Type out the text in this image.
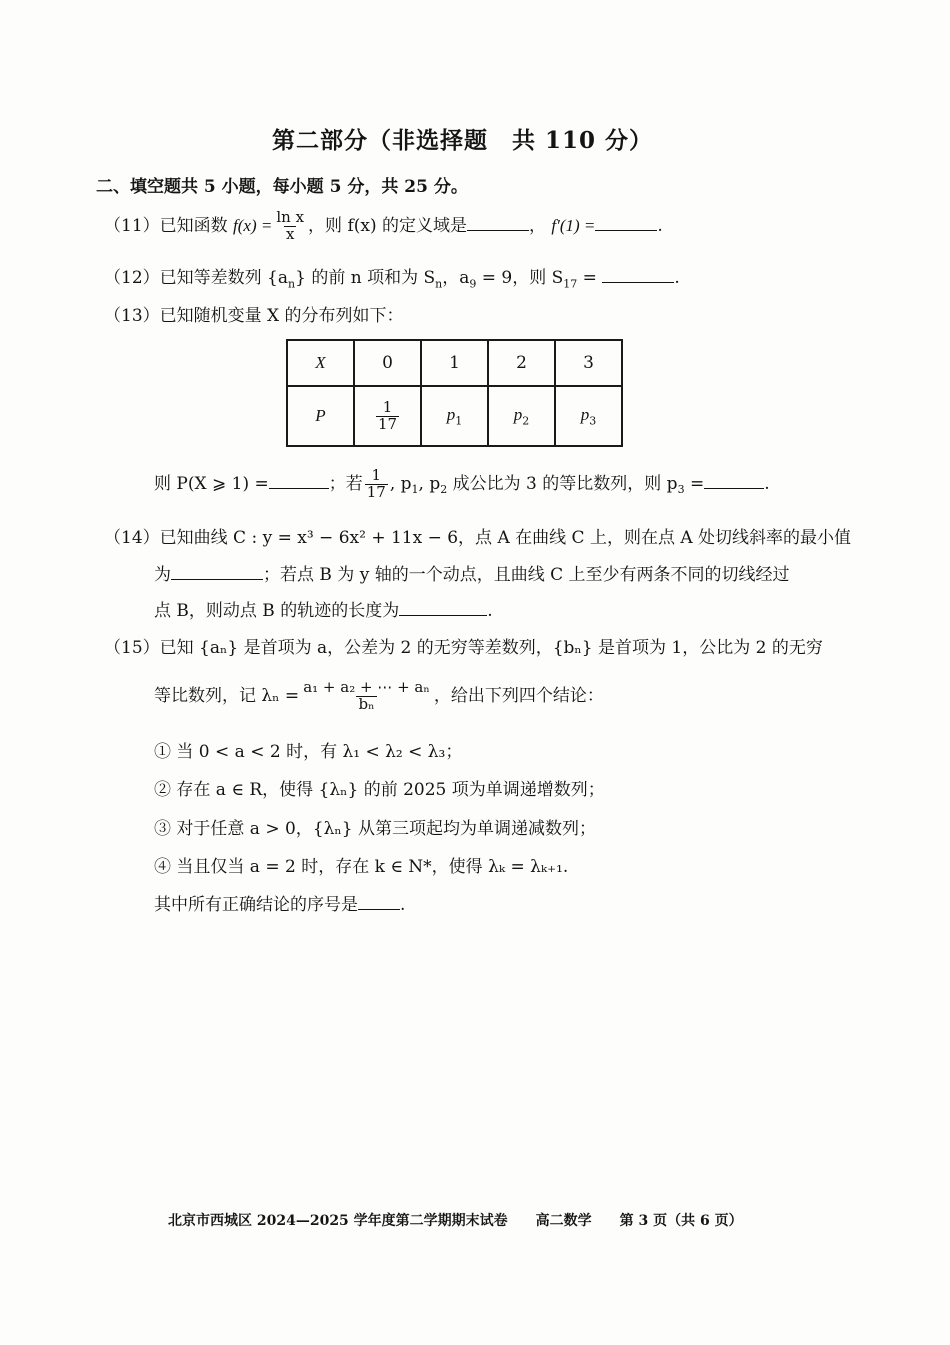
第二部分（非选择题　共 110 分）
二、填空题共 5 小题，每小题 5 分，共 25 分。
（11）已知函数 $f(x) = \frac{\text{ln x}}{x}$ ，则 f(x) 的定义域是	， f′(1) =	.
（12）已知等差数列 $\{a_n\}$ 的前 n 项和为 $S_n$，$a_9 = 9$，则 $S_{17}$ =	.
（13）已知随机变量 X 的分布列如下：
X	0	1	2	3
P	$\frac{1}{17}$	$p_1$	$p_2$	$p_3$
则 P(X ⩾ 1) =	；若 $\frac{1}{17}$ , $p_1$, $p_2$ 成公比为 3 的等比数列，则 $p_3$ =	.
（14）已知曲线 C : y = x³ − 6x² + 11x − 6，点 A 在曲线 C 上，则在点 A 处切线斜率的最小值
为	；若点 B 为 y 轴的一个动点，且曲线 C 上至少有两条不同的切线经过
点 B，则动点 B 的轨迹的长度为	.
（15）已知 {aₙ} 是首项为 a，公差为 2 的无穷等差数列，{bₙ} 是首项为 1，公比为 2 的无穷
等比数列，记 $\lambda_n = \frac{\text{a₁ + a₂ + ⋯ + aₙ}}{\text{bₙ}}$ ，给出下列四个结论：
① 当 0 < a < 2 时，有 λ₁ < λ₂ < λ₃；
② 存在 a ∈ R，使得 {λₙ} 的前 2025 项为单调递增数列；
③ 对于任意 a > 0，{λₙ} 从第三项起均为单调递减数列；
④ 当且仅当 a = 2 时，存在 k ∈ N*，使得 λₖ = λₖ₊₁.
其中所有正确结论的序号是 .
北京市西城区 2024—2025 学年度第二学期期末试卷　　高二数学　　第 3 页（共 6 页）
